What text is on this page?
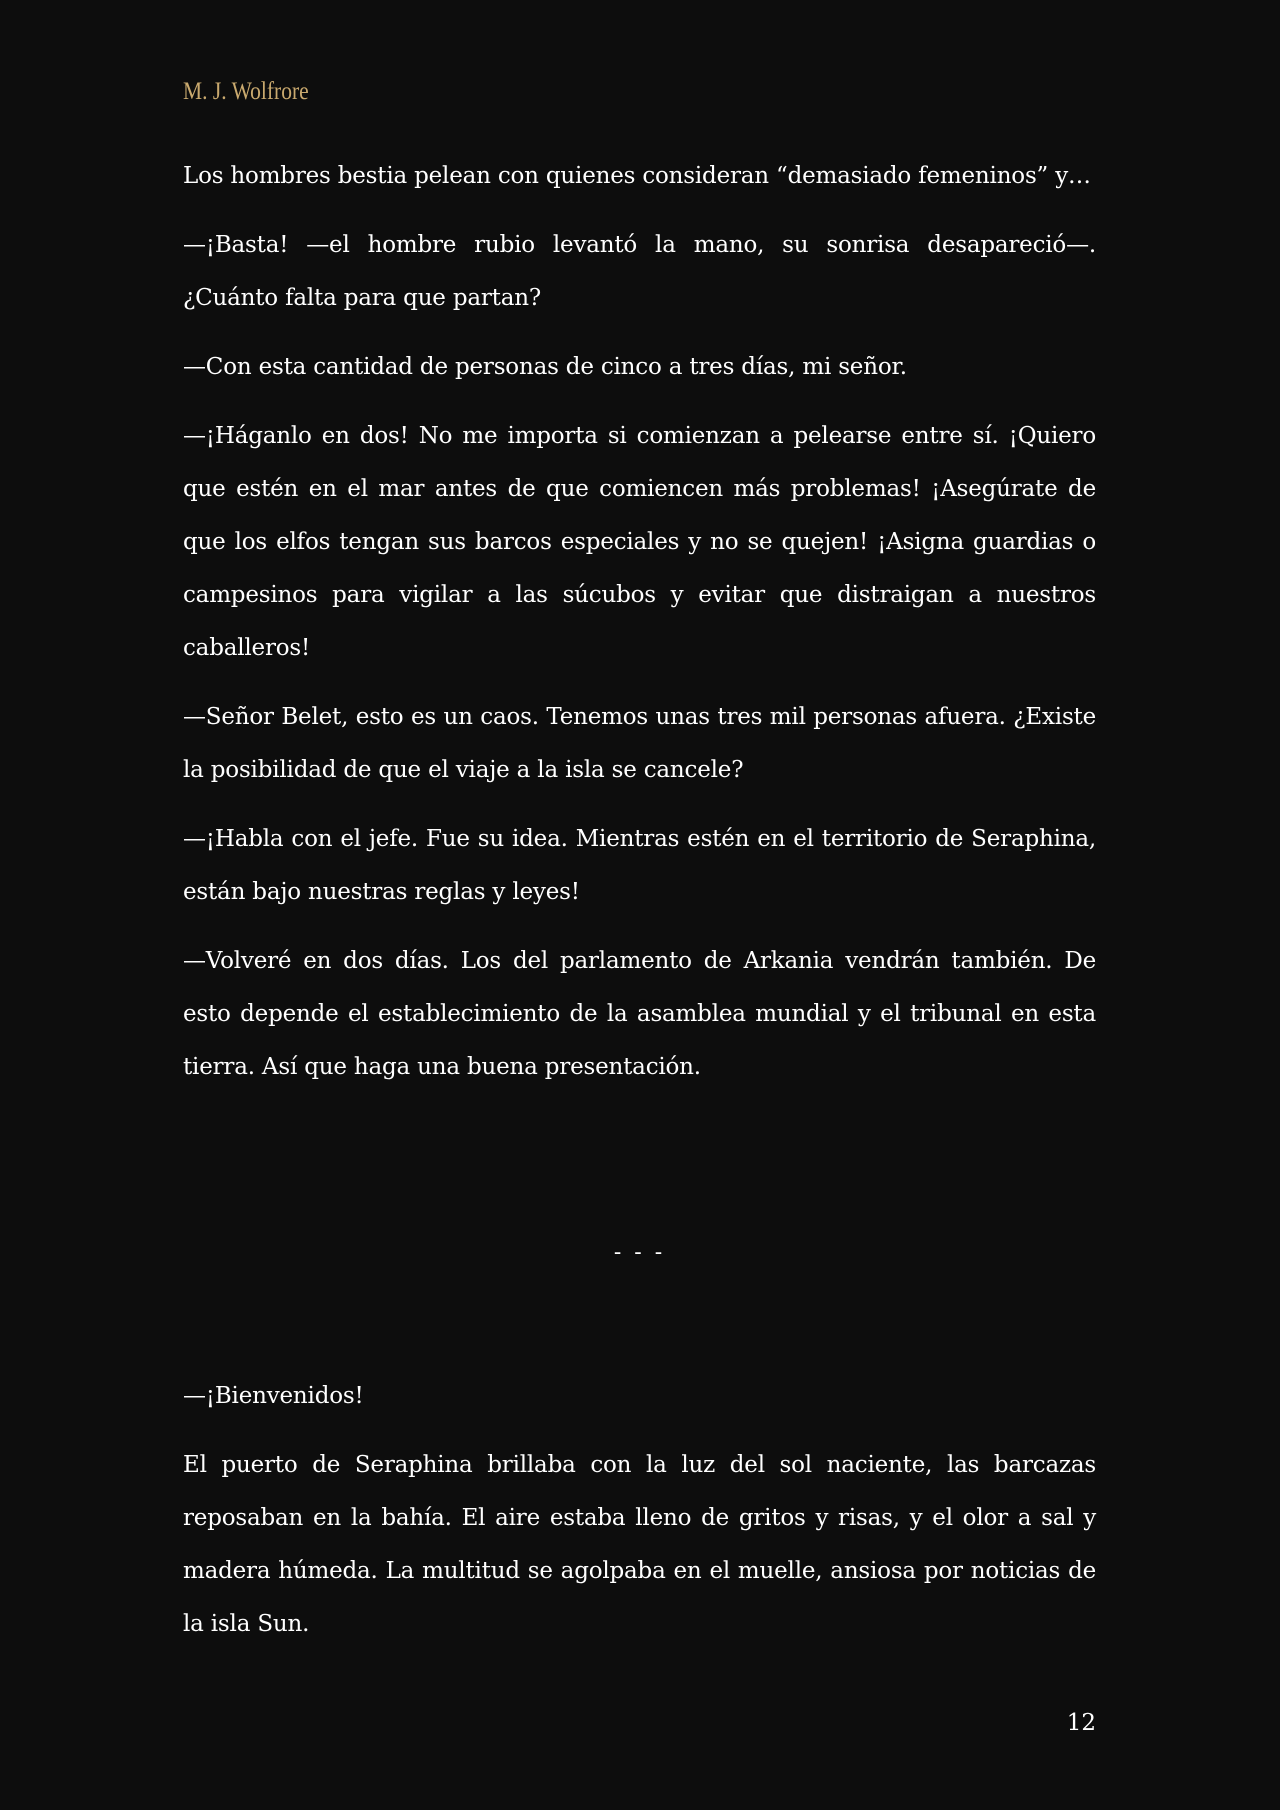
M. J. Wolfrore

Los hombres bestia pelean con quienes consideran “demasiado femeninos” y…

—¡Basta! —el hombre rubio levantó la mano, su sonrisa desapareció—. ¿Cuánto falta para que partan?

—Con esta cantidad de personas de cinco a tres días, mi señor.

—¡Háganlo en dos! No me importa si comienzan a pelearse entre sí. ¡Quiero que estén en el mar antes de que comiencen más problemas! ¡Asegúrate de que los elfos tengan sus barcos especiales y no se quejen! ¡Asigna guardias o campesinos para vigilar a las súcubos y evitar que distraigan a nuestros caballeros!

—Señor Belet, esto es un caos. Tenemos unas tres mil personas afuera. ¿Existe la posibilidad de que el viaje a la isla se cancele?

—¡Habla con el jefe. Fue su idea. Mientras estén en el territorio de Seraphina, están bajo nuestras reglas y leyes!

—Volveré en dos días. Los del parlamento de Arkania vendrán también. De esto depende el establecimiento de la asamblea mundial y el tribunal en esta tierra. Así que haga una buena presentación.

- - -

—¡Bienvenidos!

El puerto de Seraphina brillaba con la luz del sol naciente, las barcazas reposaban en la bahía. El aire estaba lleno de gritos y risas, y el olor a sal y madera húmeda. La multitud se agolpaba en el muelle, ansiosa por noticias de la isla Sun.

12
